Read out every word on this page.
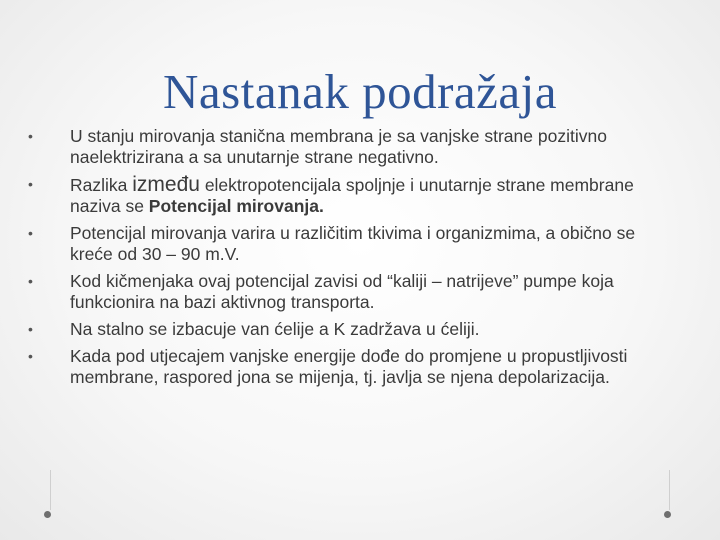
Nastanak podražaja
• U stanju mirovanja stanična membrana je sa vanjske strane pozitivno naelektrizirana a sa unutarnje strane negativno.
• Razlika između elektropotencijala spoljnje i unutarnje strane membrane naziva se Potencijal mirovanja.
• Potencijal mirovanja varira u različitim tkivima i organizmima, a obično se kreće od 30 – 90 m.V.
• Kod kičmenjaka ovaj potencijal zavisi od “kaliji – natrijeve” pumpe koja funkcionira na bazi aktivnog transporta.
• Na stalno se izbacuje van ćelije a K zadržava u ćeliji.
• Kada pod utjecajem vanjske energije dođe do promjene u propustljivosti membrane, raspored jona se mijenja, tj. javlja se njena depolarizacija.
